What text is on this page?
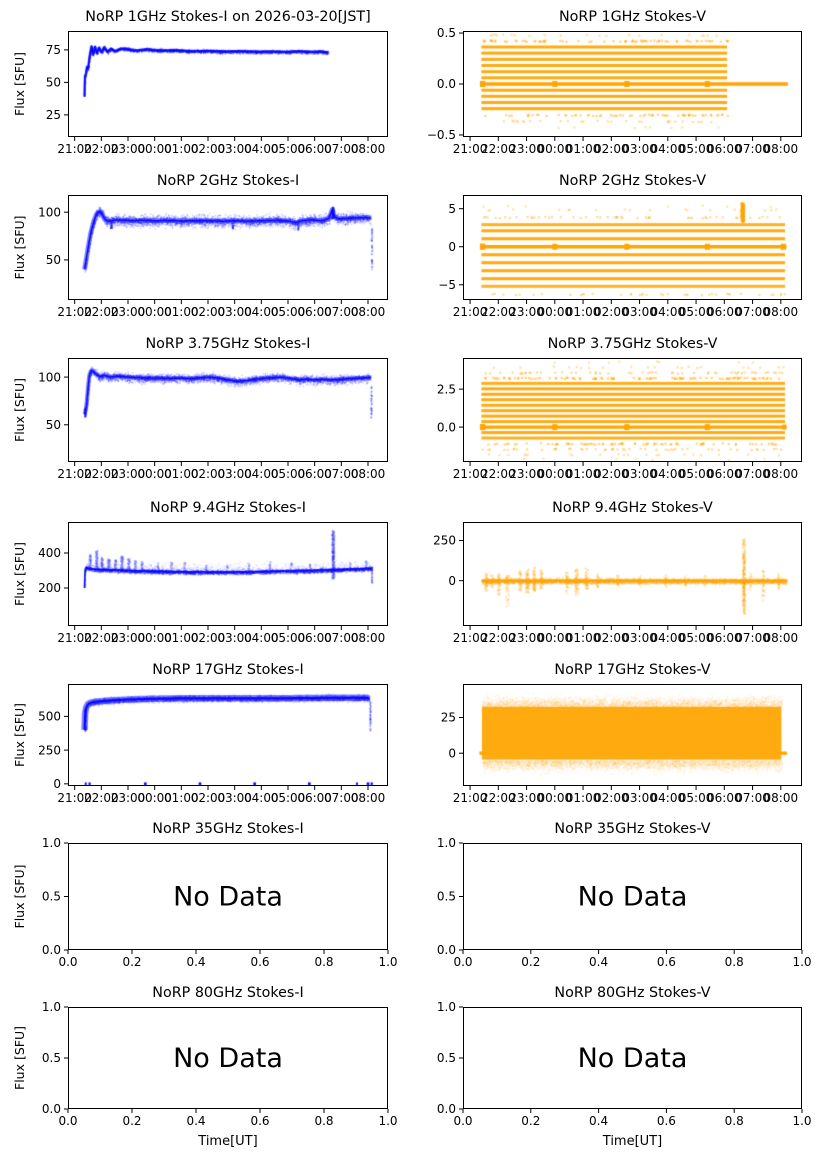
21:00
22:00
23:00
00:00
01:00
02:00
03:00
04:00
05:00
06:00
07:00
08:00
25
50
75
Flux [SFU]
NoRP 1GHz Stokes-I on 2026-03-20[JST]
21:00
22:00
23:00
00:00
01:00
02:00
03:00
04:00
05:00
06:00
07:00
08:00
−0.5
0.0
0.5
NoRP 1GHz Stokes-V
21:00
22:00
23:00
00:00
01:00
02:00
03:00
04:00
05:00
06:00
07:00
08:00
50
100
Flux [SFU]
NoRP 2GHz Stokes-I
21:00
22:00
23:00
00:00
01:00
02:00
03:00
04:00
05:00
06:00
07:00
08:00
−5
0
5
NoRP 2GHz Stokes-V
21:00
22:00
23:00
00:00
01:00
02:00
03:00
04:00
05:00
06:00
07:00
08:00
50
100
Flux [SFU]
NoRP 3.75GHz Stokes-I
21:00
22:00
23:00
00:00
01:00
02:00
03:00
04:00
05:00
06:00
07:00
08:00
0.0
2.5
NoRP 3.75GHz Stokes-V
21:00
22:00
23:00
00:00
01:00
02:00
03:00
04:00
05:00
06:00
07:00
08:00
200
400
Flux [SFU]
NoRP 9.4GHz Stokes-I
21:00
22:00
23:00
00:00
01:00
02:00
03:00
04:00
05:00
06:00
07:00
08:00
0
250
NoRP 9.4GHz Stokes-V
21:00
22:00
23:00
00:00
01:00
02:00
03:00
04:00
05:00
06:00
07:00
08:00
0
250
500
Flux [SFU]
NoRP 17GHz Stokes-I
21:00
22:00
23:00
00:00
01:00
02:00
03:00
04:00
05:00
06:00
07:00
08:00
0
25
NoRP 17GHz Stokes-V
0.0	0.2	0.4	0.6	0.8	1.0
0.0
0.5
1.0
Flux [SFU]	No Data
NoRP 35GHz Stokes-I
0.0	0.2	0.4	0.6	0.8	1.0
0.0
0.5
1.0
No Data
NoRP 35GHz Stokes-V
0.0	0.2	0.4	0.6	0.8	1.0
0.0
0.5
1.0
Flux [SFU]
Time[UT]
No Data
NoRP 80GHz Stokes-I
0.0	0.2	0.4	0.6	0.8	1.0
0.0
0.5
1.0
Time[UT]
No Data
NoRP 80GHz Stokes-V
